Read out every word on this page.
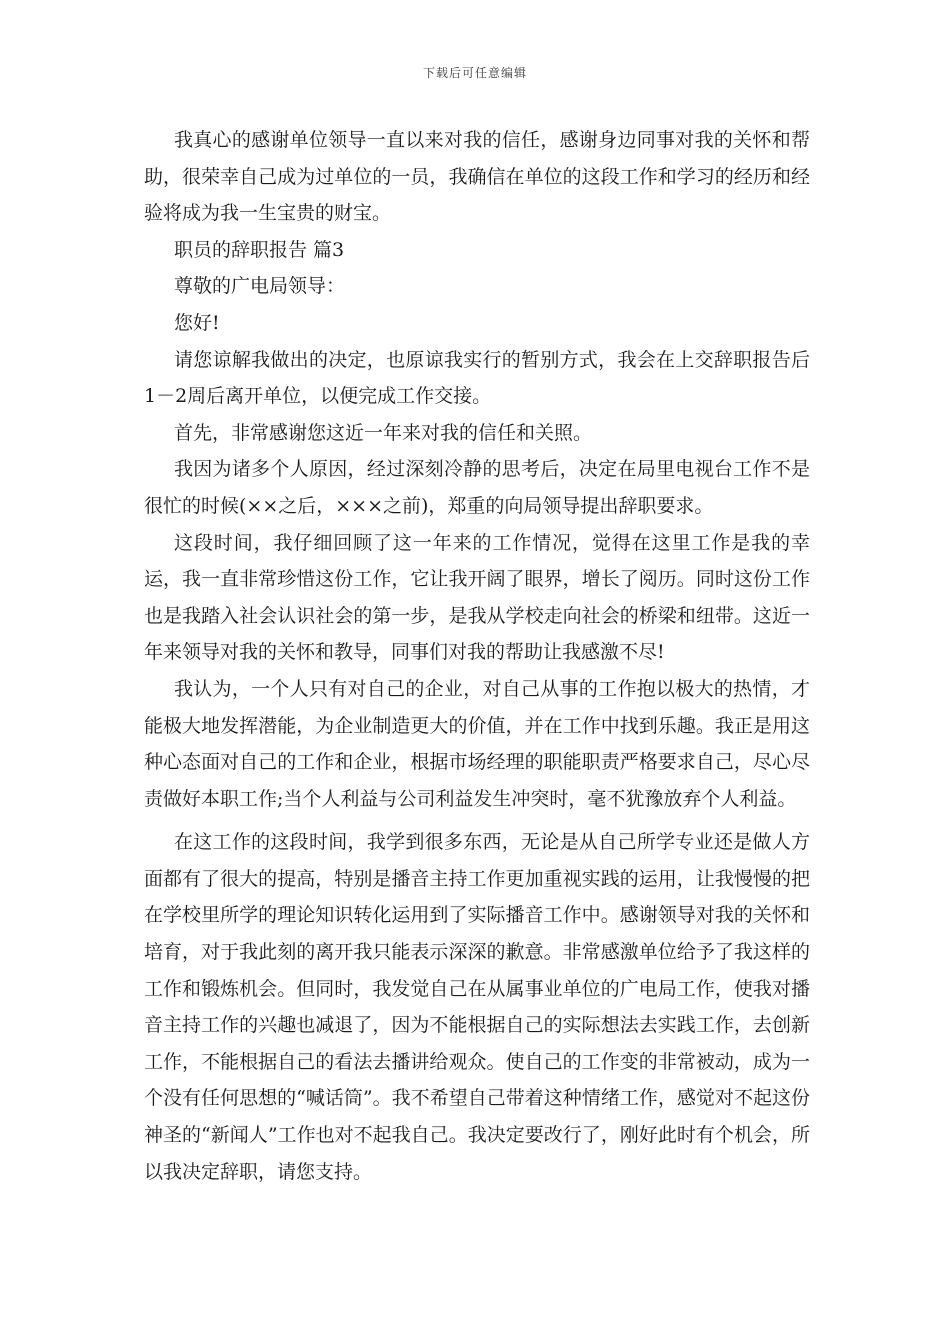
下载后可任意编辑

我真心的感谢单位领导一直以来对我的信任，感谢身边同事对我的关怀和帮助，很荣幸自己成为过单位的一员，我确信在单位的这段工作和学习的经历和经验将成为我一生宝贵的财宝。

职员的辞职报告 篇3

尊敬的广电局领导：

您好!

请您谅解我做出的决定，也原谅我实行的暂别方式，我会在上交辞职报告后1－2周后离开单位，以便完成工作交接。

首先，非常感谢您这近一年来对我的信任和关照。

我因为诸多个人原因，经过深刻冷静的思考后，决定在局里电视台工作不是很忙的时候(××之后，×××之前)，郑重的向局领导提出辞职要求。

这段时间，我仔细回顾了这一年来的工作情况，觉得在这里工作是我的幸运，我一直非常珍惜这份工作，它让我开阔了眼界，增长了阅历。同时这份工作也是我踏入社会认识社会的第一步，是我从学校走向社会的桥梁和纽带。这近一年来领导对我的关怀和教导，同事们对我的帮助让我感激不尽!

我认为，一个人只有对自己的企业，对自己从事的工作抱以极大的热情，才能极大地发挥潜能，为企业制造更大的价值，并在工作中找到乐趣。我正是用这种心态面对自己的工作和企业，根据市场经理的职能职责严格要求自己，尽心尽责做好本职工作;当个人利益与公司利益发生冲突时，毫不犹豫放弃个人利益。

在这工作的这段时间，我学到很多东西，无论是从自己所学专业还是做人方面都有了很大的提高，特别是播音主持工作更加重视实践的运用，让我慢慢的把在学校里所学的理论知识转化运用到了实际播音工作中。感谢领导对我的关怀和培育，对于我此刻的离开我只能表示深深的歉意。非常感激单位给予了我这样的工作和锻炼机会。但同时，我发觉自己在从属事业单位的广电局工作，使我对播音主持工作的兴趣也减退了，因为不能根据自己的实际想法去实践工作，去创新工作，不能根据自己的看法去播讲给观众。使自己的工作变的非常被动，成为一个没有任何思想的“喊话筒”。我不希望自己带着这种情绪工作，感觉对不起这份神圣的“新闻人”工作也对不起我自己。我决定要改行了，刚好此时有个机会，所以我决定辞职，请您支持。
